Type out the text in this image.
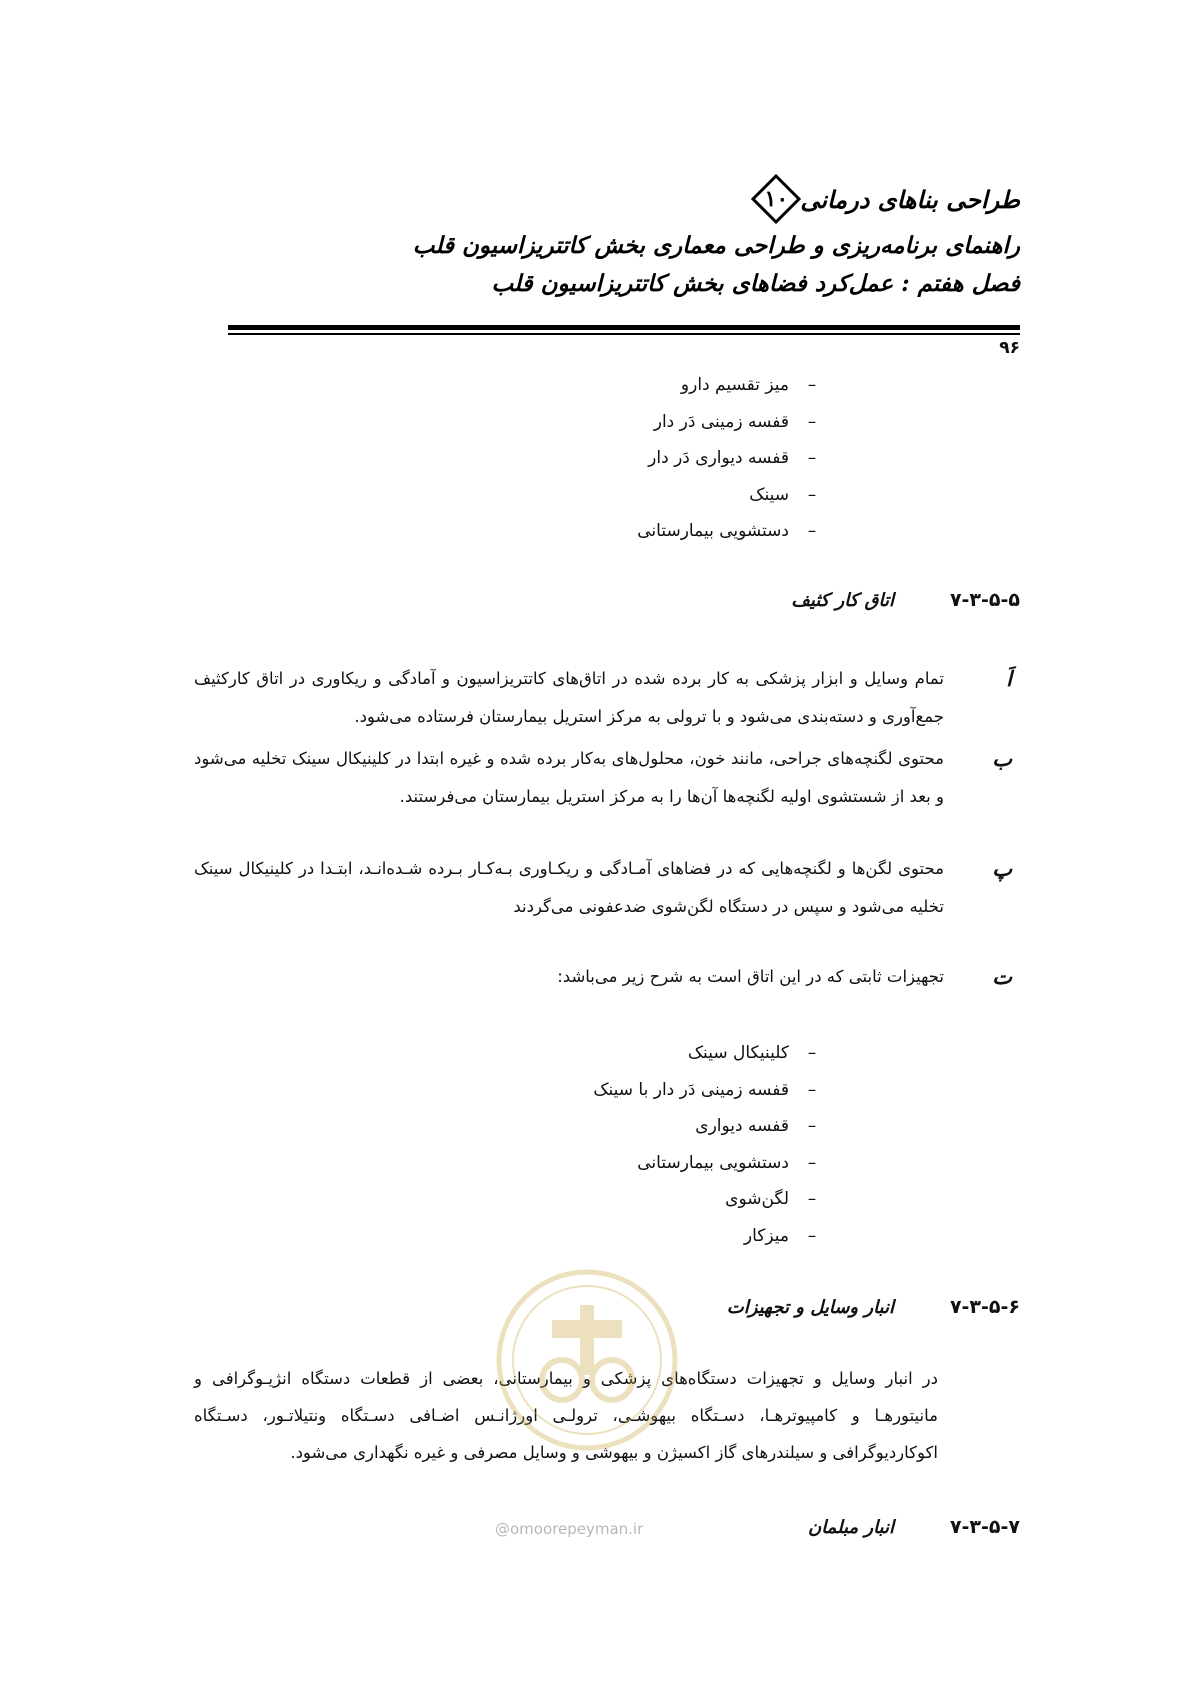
طراحی بناهای درمانی
۱۰
راهنمای برنامه‌ریزی و طراحی معماری بخش کاتتریزاسیون قلب
فصل هفتم : عمل‌کرد فضاهای بخش کاتتریزاسیون قلب
۹۶
–
میز تقسیم دارو
–
قفسه زمینی دَر دار
–
قفسه دیواری دَر دار
–
سینک
–
دستشویی بیمارستانی
۷-۳-۵-۵
اتاق کار کثیف
اَ
تمام وسایل و ابزار پزشکی به کار برده شده در اتاق‌های کاتتریزاسیون و آمادگی و ریکاوری در اتاق کارکثیف جمع‌آوری و دسته‌بندی می‌شود و با ترولی به مرکز استریل بیمارستان فرستاده می‌شود.
ب
محتوی لگنچه‌های جراحی، مانند خون، محلول‌های به‌کار برده شده و غیره ابتدا در کلینیکال سینک تخلیه می‌شود و بعد از شستشوی اولیه لگنچه‌ها آن‌ها را به مرکز استریل بیمارستان می‌فرستند.
پ
محتوی لگن‌ها و لگنچه‌هایی که در فضاهای آمـادگی و ریکـاوری بـه‌کـار بـرده شـده‌انـد، ابتـدا در کلینیکال سینک تخلیه می‌شود و سپس در دستگاه لگن‌شوی ضدعفونی می‌گردند
ت
تجهیزات ثابتی که در این اتاق است به شرح زیر می‌باشد:
–
کلینیکال سینک
–
قفسه زمینی دَر دار با سینک
–
قفسه دیواری
–
دستشویی بیمارستانی
–
لگن‌شوی
–
میزکار
۷-۳-۵-۶
انبار وسایل و تجهیزات
در انبار وسایل و تجهیزات دستگاه‌های پزشکی و بیمارستانی، بعضی از قطعات دستگاه انژیـوگرافی و مانیتورهـا و کامپیوترهـا، دسـتگاه بیهوشـی، ترولـی اورژانـس اضـافی دسـتگاه ونتیلاتـور، دسـتگاه اکوکاردیوگرافی و سیلندرهای گاز اکسیژن و بیهوشی و وسایل مصرفی و غیره نگهداری می‌شود.
۷-۳-۵-۷
انبار مبلمان
@omoorepeyman.ir
